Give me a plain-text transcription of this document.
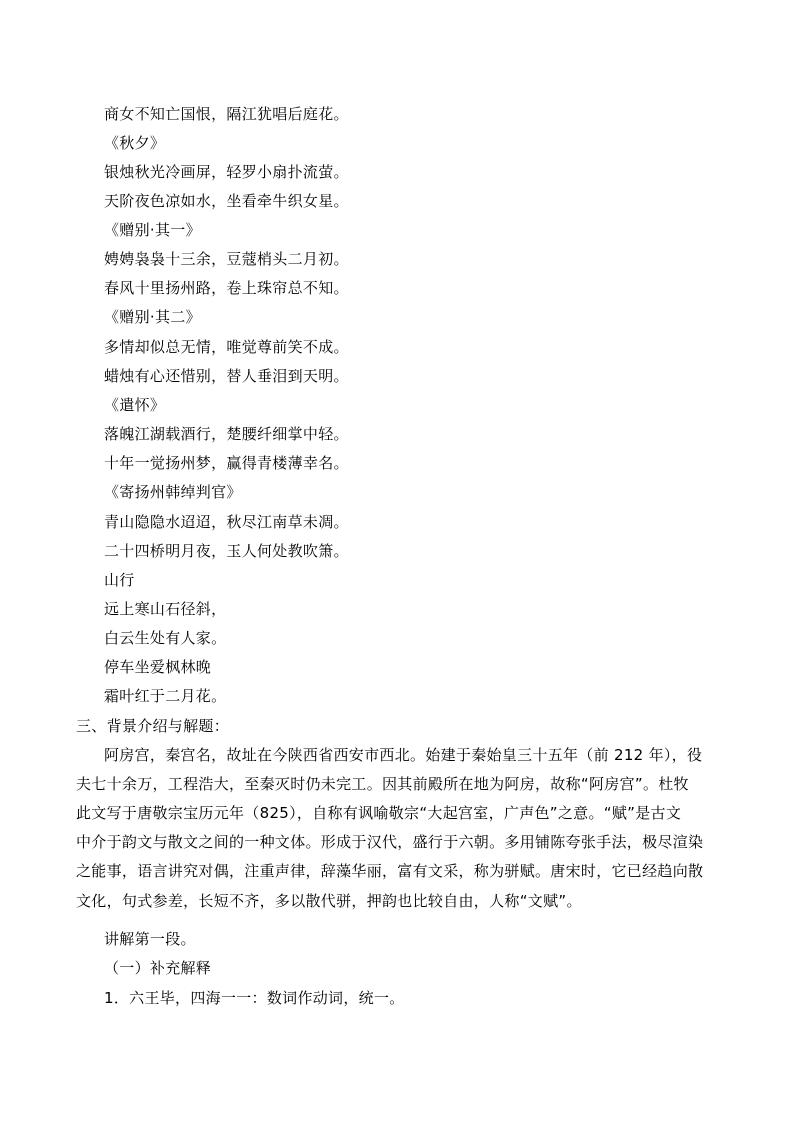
商女不知亡国恨，隔江犹唱后庭花。
《秋夕》
银烛秋光冷画屏，轻罗小扇扑流萤。
天阶夜色凉如水，坐看牵牛织女星。
《赠别·其一》
娉娉袅袅十三余，豆蔻梢头二月初。
春风十里扬州路，卷上珠帘总不知。
《赠别·其二》
多情却似总无情，唯觉尊前笑不成。
蜡烛有心还惜别，替人垂泪到天明。
《遣怀》
落魄江湖载酒行，楚腰纤细掌中轻。
十年一觉扬州梦，赢得青楼薄幸名。
《寄扬州韩绰判官》
青山隐隐水迢迢，秋尽江南草未凋。
二十四桥明月夜，玉人何处教吹箫。
山行
远上寒山石径斜，
白云生处有人家。
停车坐爱枫林晚
霜叶红于二月花。
三、背景介绍与解题：
阿房宫，秦宫名，故址在今陕西省西安市西北。始建于秦始皇三十五年（前 212 年），役
夫七十余万，工程浩大，至秦灭时仍未完工。因其前殿所在地为阿房，故称“阿房宫”。杜牧
此文写于唐敬宗宝历元年（825），自称有讽喻敬宗“大起宫室，广声色”之意。“赋”是古文
中介于韵文与散文之间的一种文体。形成于汉代，盛行于六朝。多用铺陈夸张手法，极尽渲染
之能事，语言讲究对偶，注重声律，辞藻华丽，富有文采，称为骈赋。唐宋时，它已经趋向散
文化，句式参差，长短不齐，多以散代骈，押韵也比较自由，人称“文赋”。
讲解第一段。
（一）补充解释
1．六王毕，四海一一：数词作动词，统一。
